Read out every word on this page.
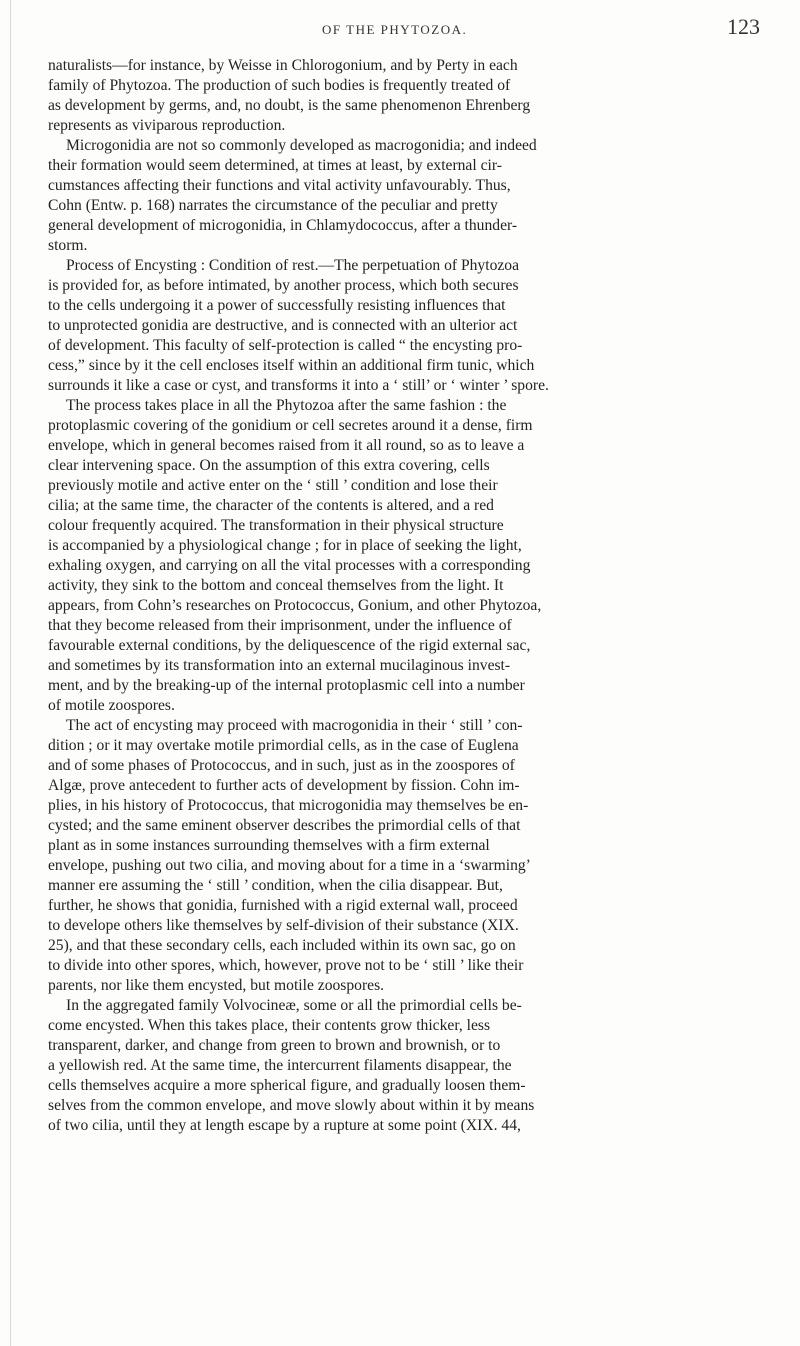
OF THE PHYTOZOA.	123
naturalists—for instance, by Weisse in Chlorogonium, and by Perty in each
family of Phytozoa. The production of such bodies is frequently treated of
as development by germs, and, no doubt, is the same phenomenon Ehrenberg
represents as viviparous reproduction.
Microgonidia are not so commonly developed as macrogonidia; and indeed
their formation would seem determined, at times at least, by external cir-
cumstances affecting their functions and vital activity unfavourably. Thus,
Cohn (Entw. p. 168) narrates the circumstance of the peculiar and pretty
general development of microgonidia, in Chlamydococcus, after a thunder-
storm.
Process of Encysting : Condition of rest.—The perpetuation of Phytozoa
is provided for, as before intimated, by another process, which both secures
to the cells undergoing it a power of successfully resisting influences that
to unprotected gonidia are destructive, and is connected with an ulterior act
of development. This faculty of self-protection is called “ the encysting pro-
cess,” since by it the cell encloses itself within an additional firm tunic, which
surrounds it like a case or cyst, and transforms it into a ‘ still’ or ‘ winter ’ spore.
The process takes place in all the Phytozoa after the same fashion : the
protoplasmic covering of the gonidium or cell secretes around it a dense, firm
envelope, which in general becomes raised from it all round, so as to leave a
clear intervening space. On the assumption of this extra covering, cells
previously motile and active enter on the ‘ still ’ condition and lose their
cilia; at the same time, the character of the contents is altered, and a red
colour frequently acquired. The transformation in their physical structure
is accompanied by a physiological change ; for in place of seeking the light,
exhaling oxygen, and carrying on all the vital processes with a corresponding
activity, they sink to the bottom and conceal themselves from the light. It
appears, from Cohn’s researches on Protococcus, Gonium, and other Phytozoa,
that they become released from their imprisonment, under the influence of
favourable external conditions, by the deliquescence of the rigid external sac,
and sometimes by its transformation into an external mucilaginous invest-
ment, and by the breaking-up of the internal protoplasmic cell into a number
of motile zoospores.
The act of encysting may proceed with macrogonidia in their ‘ still ’ con-
dition ; or it may overtake motile primordial cells, as in the case of Euglena
and of some phases of Protococcus, and in such, just as in the zoospores of
Algæ, prove antecedent to further acts of development by fission. Cohn im-
plies, in his history of Protococcus, that microgonidia may themselves be en-
cysted; and the same eminent observer describes the primordial cells of that
plant as in some instances surrounding themselves with a firm external
envelope, pushing out two cilia, and moving about for a time in a ‘swarming’
manner ere assuming the ‘ still ’ condition, when the cilia disappear. But,
further, he shows that gonidia, furnished with a rigid external wall, proceed
to develope others like themselves by self-division of their substance (XIX.
25), and that these secondary cells, each included within its own sac, go on
to divide into other spores, which, however, prove not to be ‘ still ’ like their
parents, nor like them encysted, but motile zoospores.
In the aggregated family Volvocineæ, some or all the primordial cells be-
come encysted. When this takes place, their contents grow thicker, less
transparent, darker, and change from green to brown and brownish, or to
a yellowish red. At the same time, the intercurrent filaments disappear, the
cells themselves acquire a more spherical figure, and gradually loosen them-
selves from the common envelope, and move slowly about within it by means
of two cilia, until they at length escape by a rupture at some point (XIX. 44,
